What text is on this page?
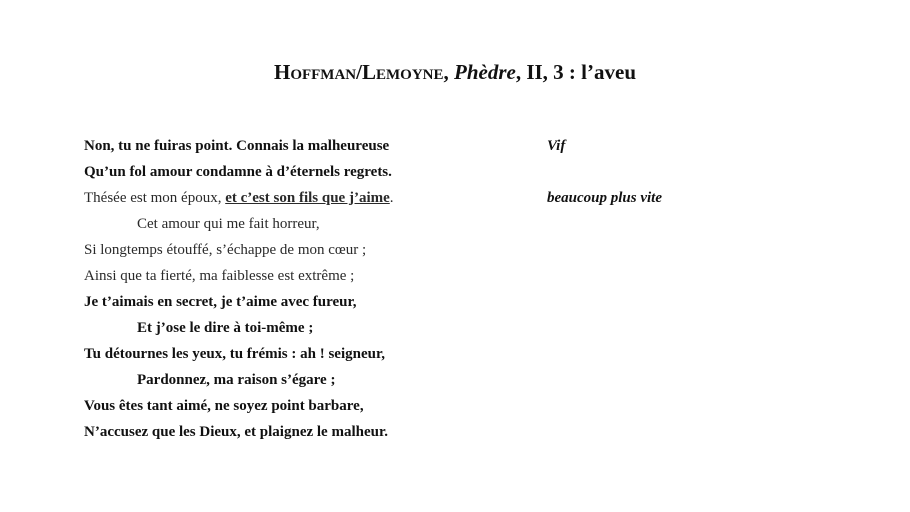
Hoffman/Lemoyne, Phèdre, II, 3 : l’aveu
Non, tu ne fuiras point. Connais la malheureuse
Qu’un fol amour condamne à d’éternels regrets.
Thésée est mon époux, et c’est son fils que j’aime.
Cet amour qui me fait horreur,
Si longtemps étouffé, s’échappe de mon cœur ;
Ainsi que ta fierté, ma faiblesse est extrême ;
Je t’aimais en secret, je t’aime avec fureur,
Et j’ose le dire à toi-même ;
Tu détournes les yeux, tu frémis : ah ! seigneur,
Pardonnez, ma raison s’égare ;
Vous êtes tant aimé, ne soyez point barbare,
N’accusez que les Dieux, et plaignez le malheur.
Vif
beaucoup plus vite
